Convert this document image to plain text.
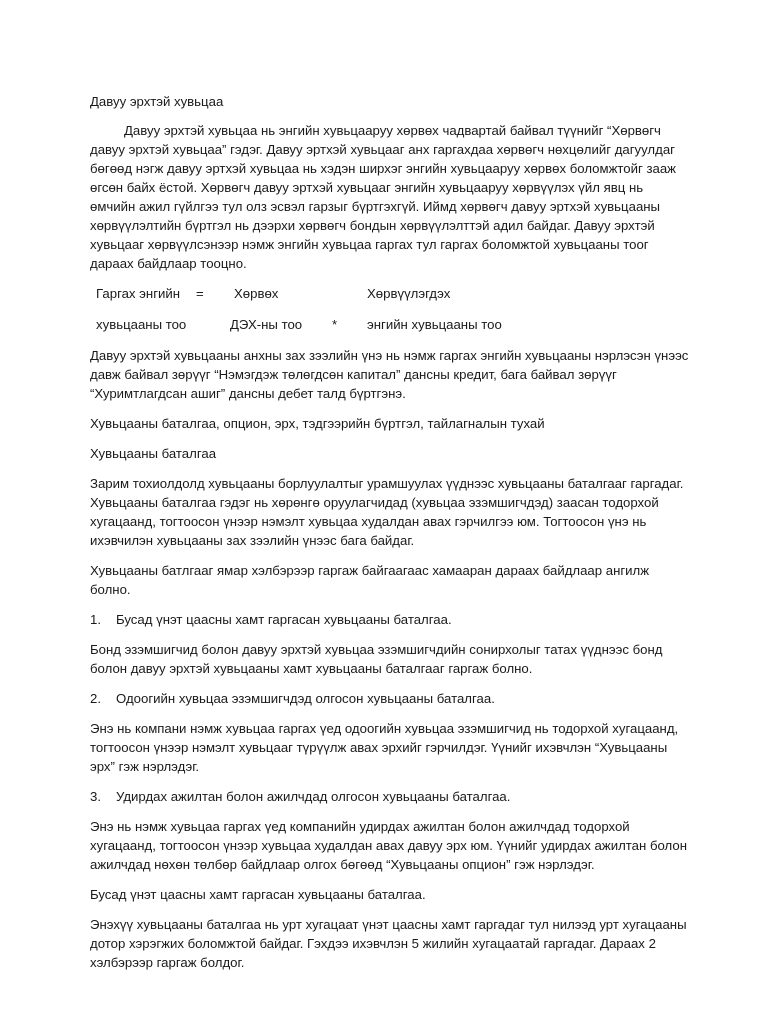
Давуу эрхтэй хувьцаа

Давуу эрхтэй хувьцаа нь энгийн хувьцааруу хөрвөх чадвартай байвал түүнийг “Хөрвөгч давуу эрхтэй хувьцаа” гэдэг. Давуу эртхэй хувьцааг анх гаргахдаа хөрвөгч нөхцөлийг дагуулдаг бөгөөд нэгж давуу эртхэй хувьцаа нь хэдэн ширхэг энгийн хувьцааруу хөрвөх боломжтойг зааж өгсөн байх ёстой. Хөрвөгч давуу эртхэй хувьцааг энгийн хувьцааруу хөрвүүлэх үйл явц нь өмчийн ажил гүйлгээ тул олз эсвэл гарзыг бүртгэхгүй. Иймд хөрвөгч давуу эртхэй хувьцааны хөрвүүлэлтийн бүртгэл нь дээрхи хөрвөгч бондын хөрвүүлэлттэй адил байдаг. Давуу эрхтэй хувьцааг хөрвүүлсэнээр нэмж энгийн хувьцаа гаргах тул гаргах боломжтой хувьцааны тоог дараах байдлаар тооцно.

Гаргах энгийн = Хөрвөх	Хөрвүүлэгдэх
хувьцааны тоо	ДЭХ-ны тоо * энгийн хувьцааны тоо

Давуу эрхтэй хувьцааны анхны зах зээлийн үнэ нь нэмж гаргах энгийн хувьцааны нэрлэсэн үнээс давж байвал зөрүүг “Нэмэгдэж төлөгдсөн капитал” дансны кредит, бага байвал зөрүүг “Хуримтлагдсан ашиг” дансны дебет талд бүртгэнэ.

Хувьцааны баталгаа, опцион, эрх, тэдгээрийн бүртгэл, тайлагналын тухай

Хувьцааны баталгаа

Зарим тохиолдолд хувьцааны борлуулалтыг урамшуулах үүднээс хувьцааны баталгааг гаргадаг. Хувьцааны баталгаа гэдэг нь хөрөнгө оруулагчидад (хувьцаа эзэмшигчдэд) заасан тодорхой хугацаанд, тогтоосон үнээр нэмэлт хувьцаа худалдан авах гэрчилгээ юм. Тогтоосон үнэ нь ихэвчилэн хувьцааны зах зээлийн үнээс бага байдаг.

Хувьцааны батлгааг ямар хэлбэрээр гаргаж байгаагаас хамааран дараах байдлаар ангилж болно.

1. Бусад үнэт цаасны хамт гаргасан хувьцааны баталгаа.

Бонд эзэмшигчид болон давуу эрхтэй хувьцаа эзэмшигчдийн сонирхолыг татах үүднээс бонд болон давуу эрхтэй хувьцааны хамт хувьцааны баталгааг гаргаж болно.

2. Одоогийн хувьцаа эзэмшигчдэд олгосон хувьцааны баталгаа.

Энэ нь компани нэмж хувьцаа гаргах үед одоогийн хувьцаа эзэмшигчид нь тодорхой хугацаанд, тогтоосон үнээр нэмэлт хувьцааг түрүүлж авах эрхийг гэрчилдэг. Үүнийг ихэвчлэн “Хувьцааны эрх” гэж нэрлэдэг.

3. Удирдах ажилтан болон ажилчдад олгосон хувьцааны баталгаа.

Энэ нь нэмж хувьцаа гаргах үед компанийн удирдах ажилтан болон ажилчдад тодорхой хугацаанд, тогтоосон үнээр хувьцаа худалдан авах давуу эрх юм. Үүнийг удирдах ажилтан болон ажилчдад нөхөн төлбөр байдлаар олгох бөгөөд “Хувьцааны опцион” гэж нэрлэдэг.

Бусад үнэт цаасны хамт гаргасан хувьцааны баталгаа.

Энэхүү хувьцааны баталгаа нь урт хугацаат үнэт цаасны хамт гаргадаг тул нилээд урт хугацааны дотор хэрэгжих боломжтой байдаг. Гэхдээ ихэвчлэн 5 жилийн хугацаатай гаргадаг. Дараах 2 хэлбэрээр гаргаж болдог.
